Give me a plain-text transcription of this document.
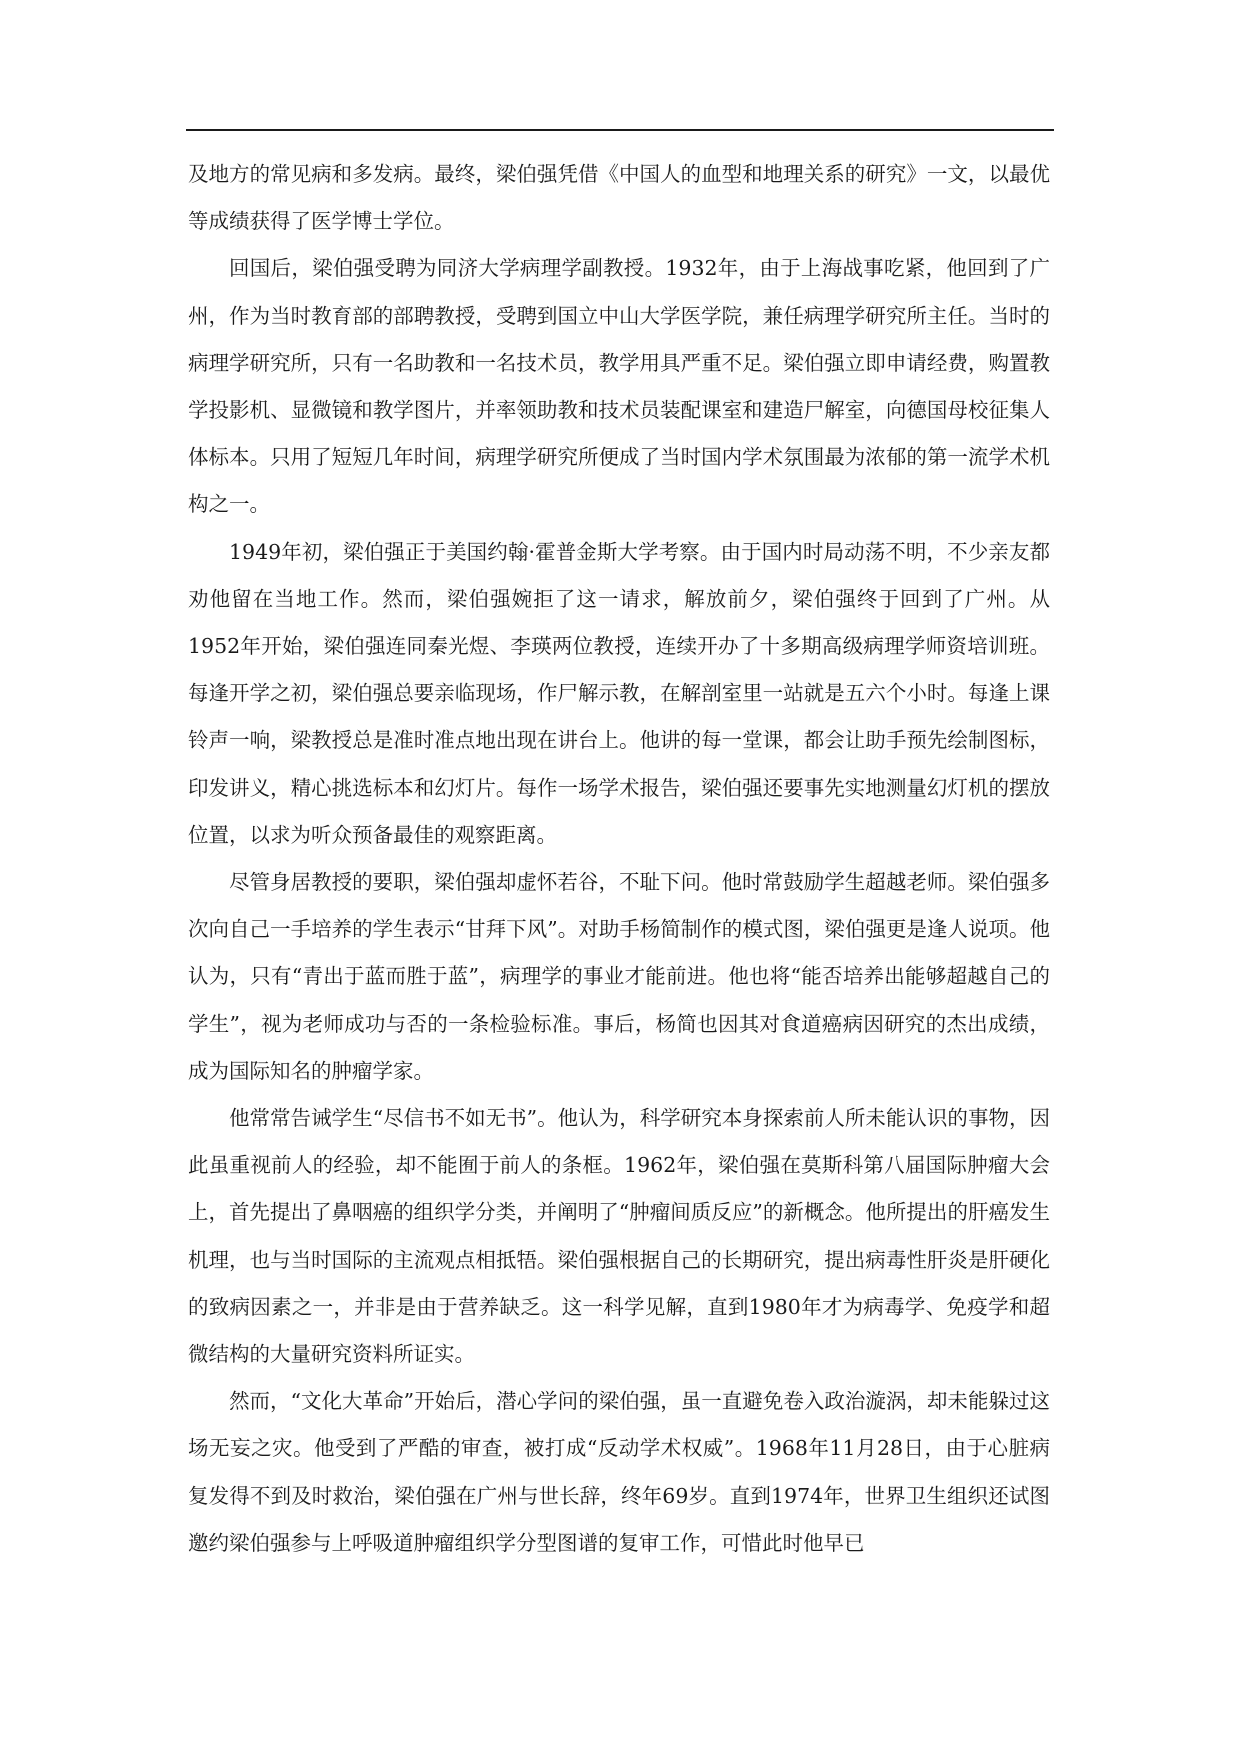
及地方的常见病和多发病。最终，梁伯强凭借《中国人的血型和地理关系的研究》一文，以最优等成绩获得了医学博士学位。

回国后，梁伯强受聘为同济大学病理学副教授。1932年，由于上海战事吃紧，他回到了广州，作为当时教育部的部聘教授，受聘到国立中山大学医学院，兼任病理学研究所主任。当时的病理学研究所，只有一名助教和一名技术员，教学用具严重不足。梁伯强立即申请经费，购置教学投影机、显微镜和教学图片，并率领助教和技术员装配课室和建造尸解室，向德国母校征集人体标本。只用了短短几年时间，病理学研究所便成了当时国内学术氛围最为浓郁的第一流学术机构之一。

1949年初，梁伯强正于美国约翰·霍普金斯大学考察。由于国内时局动荡不明，不少亲友都劝他留在当地工作。然而，梁伯强婉拒了这一请求，解放前夕，梁伯强终于回到了广州。从1952年开始，梁伯强连同秦光煜、李瑛两位教授，连续开办了十多期高级病理学师资培训班。每逢开学之初，梁伯强总要亲临现场，作尸解示教，在解剖室里一站就是五六个小时。每逢上课铃声一响，梁教授总是准时准点地出现在讲台上。他讲的每一堂课，都会让助手预先绘制图标，印发讲义，精心挑选标本和幻灯片。每作一场学术报告，梁伯强还要事先实地测量幻灯机的摆放位置，以求为听众预备最佳的观察距离。

尽管身居教授的要职，梁伯强却虚怀若谷，不耻下问。他时常鼓励学生超越老师。梁伯强多次向自己一手培养的学生表示“甘拜下风”。对助手杨简制作的模式图，梁伯强更是逢人说项。他认为，只有“青出于蓝而胜于蓝”，病理学的事业才能前进。他也将“能否培养出能够超越自己的学生”，视为老师成功与否的一条检验标准。事后，杨简也因其对食道癌病因研究的杰出成绩，成为国际知名的肿瘤学家。

他常常告诫学生“尽信书不如无书”。他认为，科学研究本身探索前人所未能认识的事物，因此虽重视前人的经验，却不能囿于前人的条框。1962年，梁伯强在莫斯科第八届国际肿瘤大会上，首先提出了鼻咽癌的组织学分类，并阐明了“肿瘤间质反应”的新概念。他所提出的肝癌发生机理，也与当时国际的主流观点相抵牾。梁伯强根据自己的长期研究，提出病毒性肝炎是肝硬化的致病因素之一，并非是由于营养缺乏。这一科学见解，直到1980年才为病毒学、免疫学和超微结构的大量研究资料所证实。

然而，“文化大革命”开始后，潜心学问的梁伯强，虽一直避免卷入政治漩涡，却未能躲过这场无妄之灾。他受到了严酷的审查，被打成“反动学术权威”。1968年11月28日，由于心脏病复发得不到及时救治，梁伯强在广州与世长辞，终年69岁。直到1974年，世界卫生组织还试图邀约梁伯强参与上呼吸道肿瘤组织学分型图谱的复审工作，可惜此时他早已
